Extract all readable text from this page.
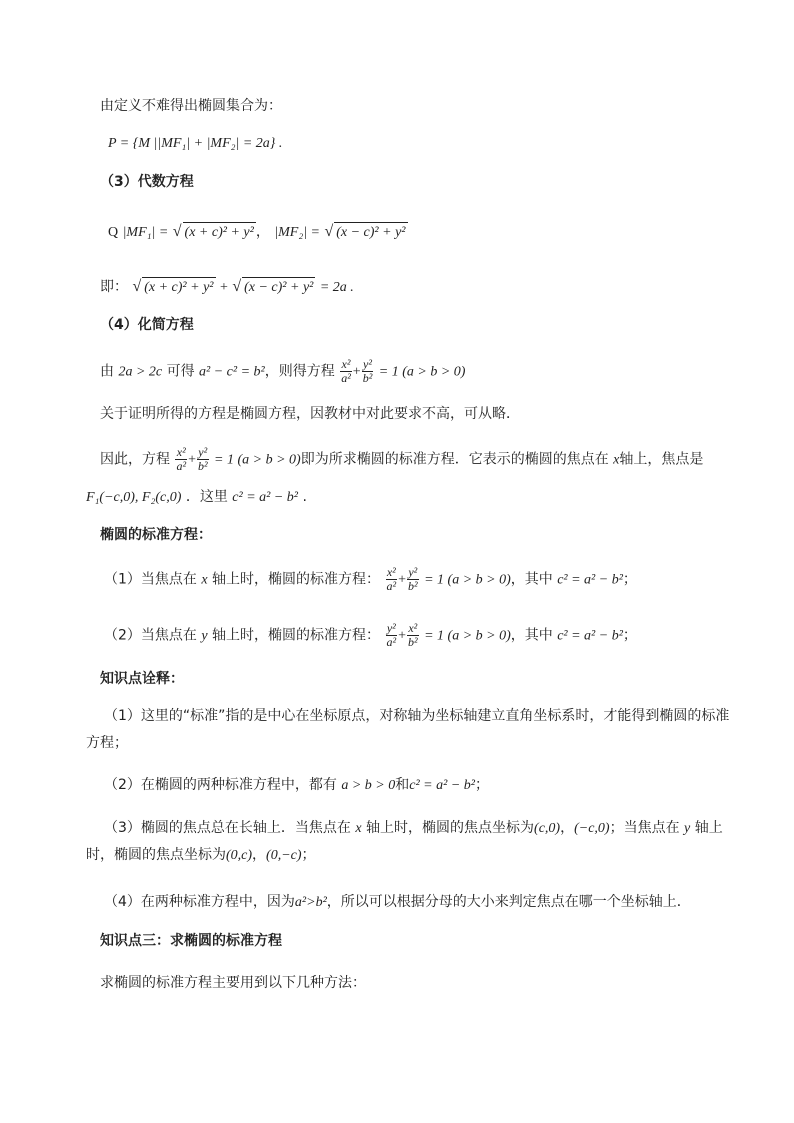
由定义不难得出椭圆集合为：
P = {M ||MF₁| + |MF₂| = 2a} .
（3）代数方程
Q |MF₁| = √ (x + c)² + y² ， |MF₂| = √ (x − c)² + y²
即： √ (x + c)² + y² + √ (x − c)² + y² = 2a .
（4）化简方程
由 2a > 2c 可得 a² − c² = b²，则得方程 $\frac{\text{x²}}{\text{a²}} + \frac{\text{y²}}{\text{b²}} = 1$ (a > b > 0)
关于证明所得的方程是椭圆方程，因教材中对此要求不高，可从略．
因此，方程 $\frac{\text{x²}}{\text{a²}} + \frac{\text{y²}}{\text{b²}} = 1$ (a > b > 0)即为所求椭圆的标准方程．它表示的椭圆的焦点在 x轴上，焦点是
F₁(−c,0), F₂(c,0) ．这里 c² = a² − b² .
椭圆的标准方程：
（1）当焦点在 x 轴上时，椭圆的标准方程： $\frac{\text{x²}}{\text{a²}} + \frac{\text{y²}}{\text{b²}} = 1$ (a > b > 0)，其中 c² = a² − b²；
（2）当焦点在 y 轴上时，椭圆的标准方程： $\frac{\text{y²}}{\text{a²}} + \frac{\text{x²}}{\text{b²}} = 1$ (a > b > 0)，其中 c² = a² − b²；
知识点诠释：
（1）这里的“标准”指的是中心在坐标原点，对称轴为坐标轴建立直角坐标系时，才能得到椭圆的标准
方程；
（2）在椭圆的两种标准方程中，都有 a > b > 0和c² = a² − b²；
（3）椭圆的焦点总在长轴上．当焦点在 x 轴上时，椭圆的焦点坐标为(c,0)，(−c,0)；当焦点在 y 轴上
时，椭圆的焦点坐标为(0,c)，(0,−c)；
（4）在两种标准方程中，因为a²>b²，所以可以根据分母的大小来判定焦点在哪一个坐标轴上．
知识点三：求椭圆的标准方程
求椭圆的标准方程主要用到以下几种方法：
